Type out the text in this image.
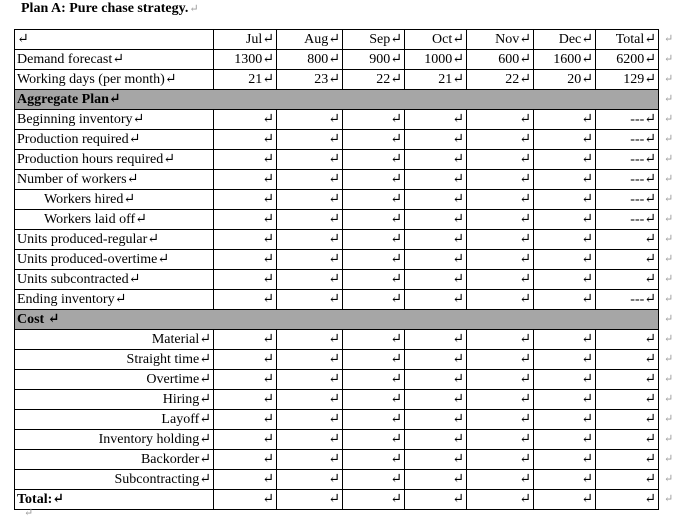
Plan A: Pure chase strategy.↵
↵	Jul↵	Aug↵	Sep↵	Oct↵	Nov↵	Dec↵	Total↵
Demand forecast↵	1300↵	800↵	900↵	1000↵	600↵	1600↵	6200↵
Working days (per month)↵	21↵	23↵	22↵	21↵	22↵	20↵	129↵
Aggregate Plan↵							
Beginning inventory↵	↵	↵	↵	↵	↵	↵	---↵
Production required↵	↵	↵	↵	↵	↵	↵	---↵
Production hours required↵	↵	↵	↵	↵	↵	↵	---↵
Number of workers↵	↵	↵	↵	↵	↵	↵	---↵
Workers hired↵	↵	↵	↵	↵	↵	↵	---↵
Workers laid off↵	↵	↵	↵	↵	↵	↵	---↵
Units produced-regular↵	↵	↵	↵	↵	↵	↵	↵
Units produced-overtime↵	↵	↵	↵	↵	↵	↵	↵
Units subcontracted↵	↵	↵	↵	↵	↵	↵	↵
Ending inventory↵	↵	↵	↵	↵	↵	↵	---↵
Cost ↵							
Material↵	↵	↵	↵	↵	↵	↵	↵
Straight time↵	↵	↵	↵	↵	↵	↵	↵
Overtime↵	↵	↵	↵	↵	↵	↵	↵
Hiring↵	↵	↵	↵	↵	↵	↵	↵
Layoff↵	↵	↵	↵	↵	↵	↵	↵
Inventory holding↵	↵	↵	↵	↵	↵	↵	↵
Backorder↵	↵	↵	↵	↵	↵	↵	↵
Subcontracting↵	↵	↵	↵	↵	↵	↵	↵
Total:↵	↵	↵	↵	↵	↵	↵	↵
↵
↵
↵
↵
↵
↵
↵
↵
↵
↵
↵
↵
↵
↵
↵
↵
↵
↵
↵
↵
↵
↵
↵
↵
↵
